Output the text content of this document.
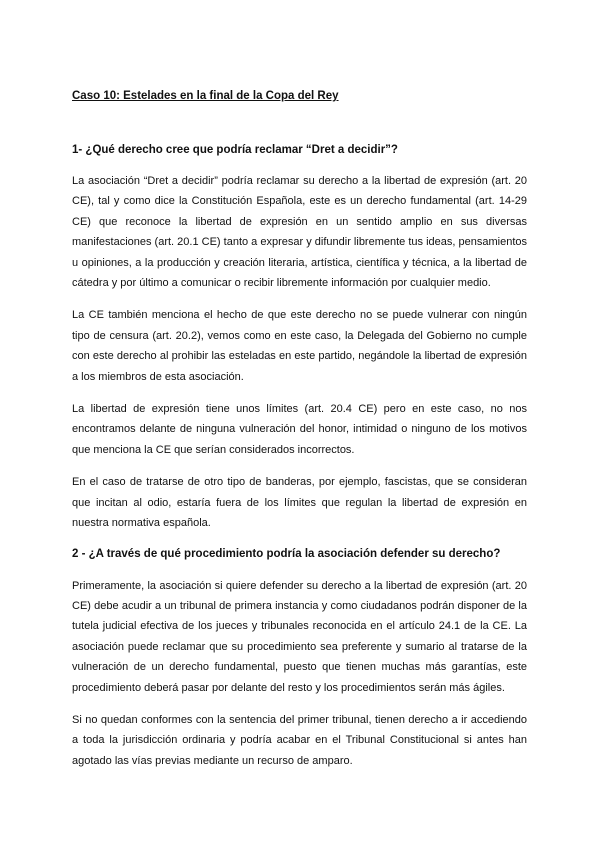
Caso 10: Estelades en la final de la Copa del Rey
1- ¿Qué derecho cree que podría reclamar “Dret a decidir”?

La asociación “Dret a decidir” podría reclamar su derecho a la libertad de expresión (art. 20 CE), tal y como dice la Constitución Española, este es un derecho fundamental (art. 14-29 CE) que reconoce la libertad de expresión en un sentido amplio en sus diversas manifestaciones (art. 20.1 CE) tanto a expresar y difundir libremente tus ideas, pensamientos u opiniones, a la producción y creación literaria, artística, científica y técnica, a la libertad de cátedra y por último a comunicar o recibir libremente información por cualquier medio.

La CE también menciona el hecho de que este derecho no se puede vulnerar con ningún tipo de censura (art. 20.2), vemos como en este caso, la Delegada del Gobierno no cumple con este derecho al prohibir las esteladas en este partido, negándole la libertad de expresión a los miembros de esta asociación.

La libertad de expresión tiene unos límites (art. 20.4 CE) pero en este caso, no nos encontramos delante de ninguna vulneración del honor, intimidad o ninguno de los motivos que menciona la CE que serían considerados incorrectos.

En el caso de tratarse de otro tipo de banderas, por ejemplo, fascistas, que se consideran que incitan al odio, estaría fuera de los límites que regulan la libertad de expresión en nuestra normativa española.

2 - ¿A través de qué procedimiento podría la asociación defender su derecho?

Primeramente, la asociación si quiere defender su derecho a la libertad de expresión (art. 20 CE) debe acudir a un tribunal de primera instancia y como ciudadanos podrán disponer de la tutela judicial efectiva de los jueces y tribunales reconocida en el artículo 24.1 de la CE. La asociación puede reclamar que su procedimiento sea preferente y sumario al tratarse de la vulneración de un derecho fundamental, puesto que tienen muchas más garantías, este procedimiento deberá pasar por delante del resto y los procedimientos serán más ágiles.

Si no quedan conformes con la sentencia del primer tribunal, tienen derecho a ir accediendo a toda la jurisdicción ordinaria y podría acabar en el Tribunal Constitucional si antes han agotado las vías previas mediante un recurso de amparo.
